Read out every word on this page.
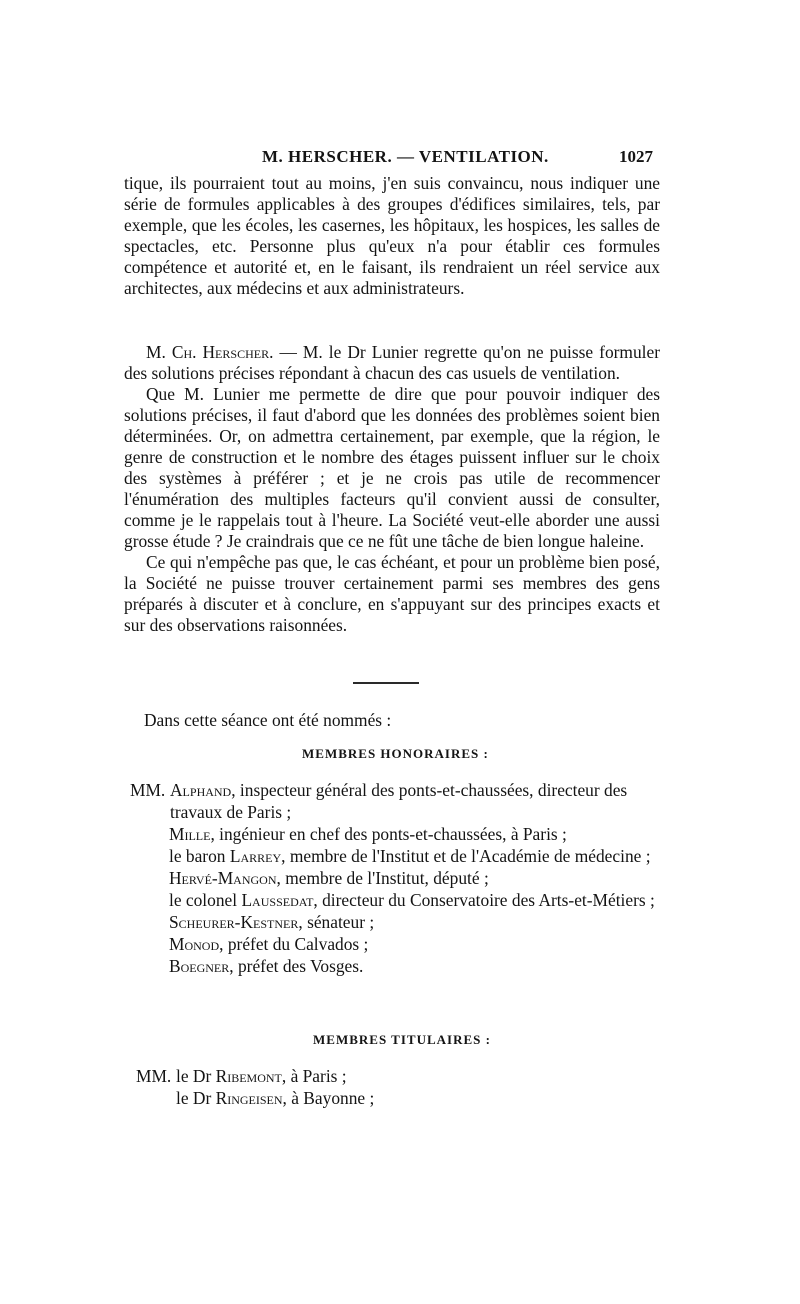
M. HERSCHER. — VENTILATION.	1027

tique, ils pourraient tout au moins, j'en suis convaincu, nous indiquer une série de formules applicables à des groupes d'édifices similaires, tels, par exemple, que les écoles, les casernes, les hôpitaux, les hospices, les salles de spectacles, etc. Personne plus qu'eux n'a pour établir ces formules compétence et autorité et, en le faisant, ils rendraient un réel service aux architectes, aux médecins et aux administrateurs.

M. Ch. Herscher. — M. le Dr Lunier regrette qu'on ne puisse formuler des solutions précises répondant à chacun des cas usuels de ventilation.

Que M. Lunier me permette de dire que pour pouvoir indiquer des solutions précises, il faut d'abord que les données des problèmes soient bien déterminées. Or, on admettra certainement, par exemple, que la région, le genre de construction et le nombre des étages puissent influer sur le choix des systèmes à préférer ; et je ne crois pas utile de recommencer l'énumération des multiples facteurs qu'il convient aussi de consulter, comme je le rappelais tout à l'heure. La Société veut-elle aborder une aussi grosse étude ? Je craindrais que ce ne fût une tâche de bien longue haleine.

Ce qui n'empêche pas que, le cas échéant, et pour un problème bien posé, la Société ne puisse trouver certainement parmi ses membres des gens préparés à discuter et à conclure, en s'appuyant sur des principes exacts et sur des observations raisonnées.

Dans cette séance ont été nommés :
MEMBRES HONORAIRES :

MM. Alphand, inspecteur général des ponts-et-chaussées, directeur des travaux de Paris ;

Mille, ingénieur en chef des ponts-et-chaussées, à Paris ;

le baron Larrey, membre de l'Institut et de l'Académie de médecine ;

Hervé-Mangon, membre de l'Institut, député ;

le colonel Laussedat, directeur du Conservatoire des Arts-et-Métiers ;

Scheurer-Kestner, sénateur ;

Monod, préfet du Calvados ;

Boegner, préfet des Vosges.

MEMBRES TITULAIRES :

MM. le Dr Ribemont, à Paris ;

le Dr Ringeisen, à Bayonne ;
